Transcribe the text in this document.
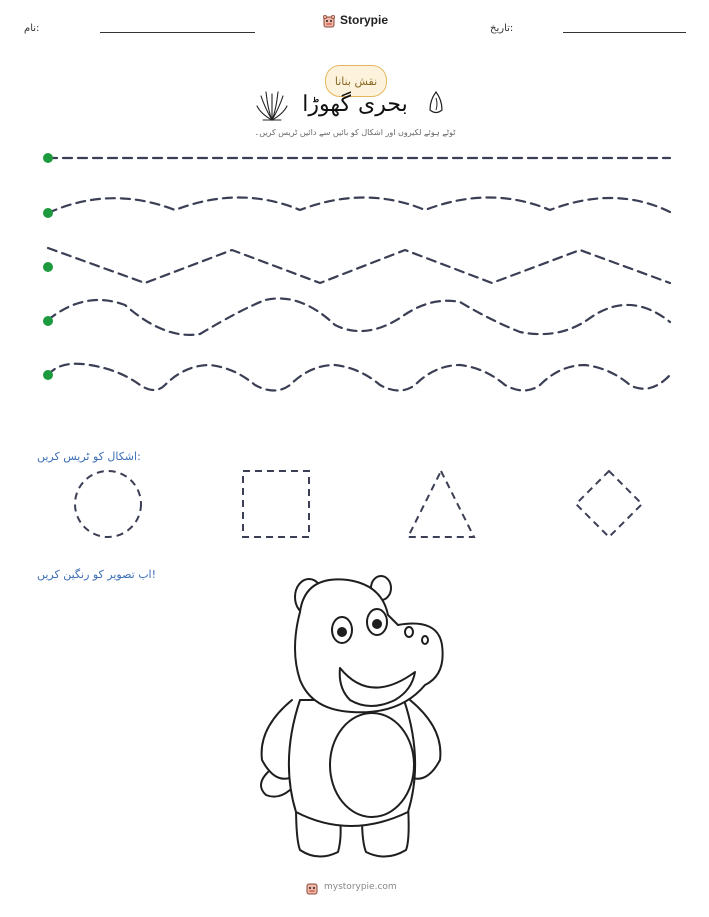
نام:
Storypie
تاریخ:
نقش بنانا
بحری گھوڑا
ٹوٹے ہوئے لکیروں اور اشکال کو بائیں سے دائیں ٹریس کریں۔
اشکال کو ٹریس کریں:
اب تصویر کو رنگین کریں!
mystorypie.com
